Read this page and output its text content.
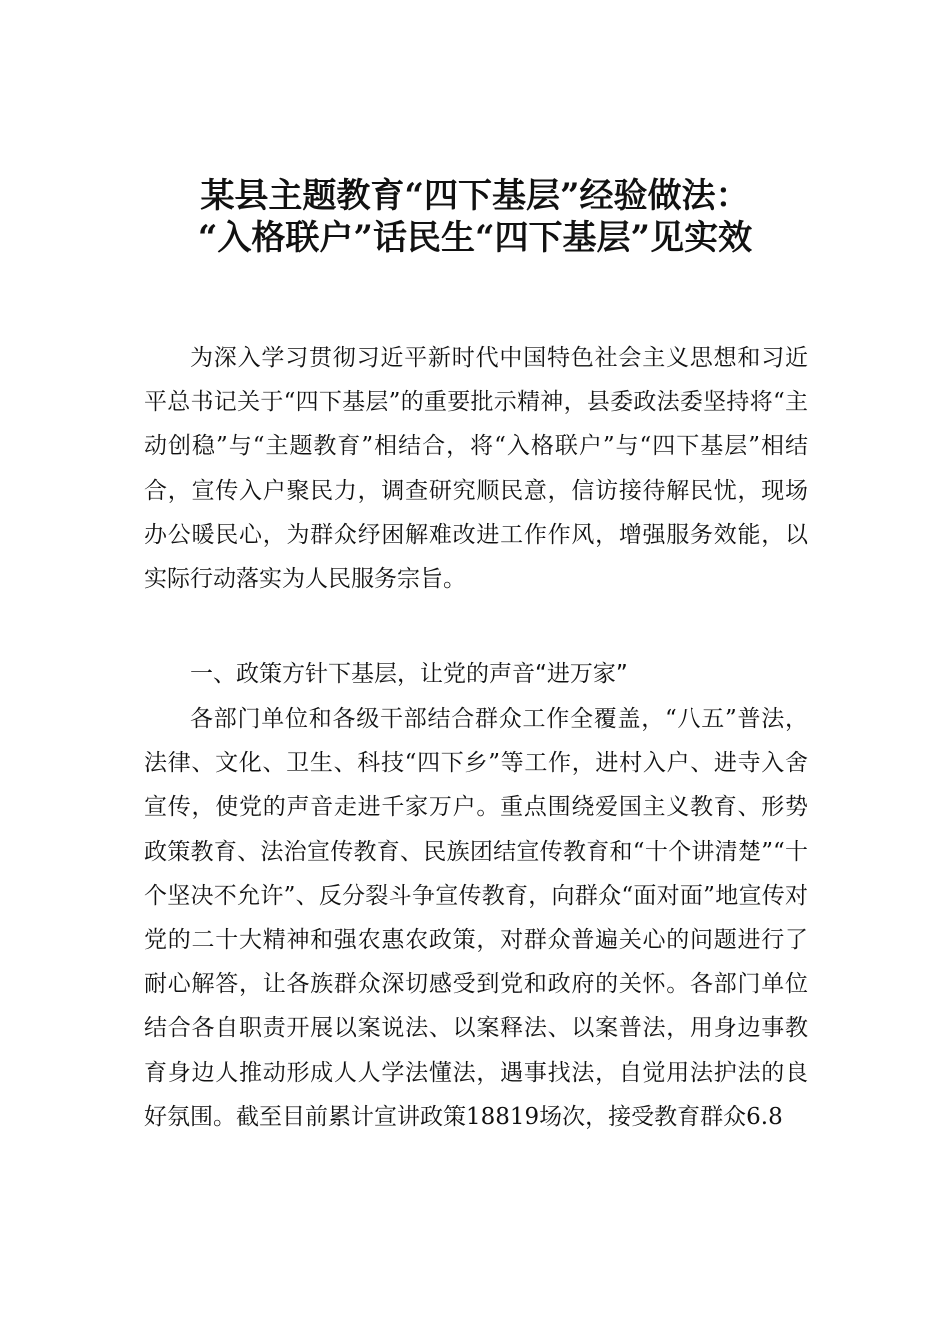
某县主题教育“四下基层”经验做法：
“入格联户”话民生“四下基层”见实效

为深入学习贯彻习近平新时代中国特色社会主义思想和习近平总书记关于“四下基层”的重要批示精神，县委政法委坚持将“主动创稳”与“主题教育”相结合，将“入格联户”与“四下基层”相结合，宣传入户聚民力，调查研究顺民意，信访接待解民忧，现场办公暖民心，为群众纾困解难改进工作作风，增强服务效能，以实际行动落实为人民服务宗旨。

一、政策方针下基层，让党的声音“进万家”

各部门单位和各级干部结合群众工作全覆盖，“八五”普法，法律、文化、卫生、科技“四下乡”等工作，进村入户、进寺入舍宣传，使党的声音走进千家万户。重点围绕爱国主义教育、形势政策教育、法治宣传教育、民族团结宣传教育和“十个讲清楚”“十个坚决不允许”、反分裂斗争宣传教育，向群众“面对面”地宣传对党的二十大精神和强农惠农政策，对群众普遍关心的问题进行了耐心解答，让各族群众深切感受到党和政府的关怀。各部门单位结合各自职责开展以案说法、以案释法、以案普法，用身边事教育身边人推动形成人人学法懂法，遇事找法，自觉用法护法的良好氛围。截至目前累计宣讲政策18819场次，接受教育群众6.8
